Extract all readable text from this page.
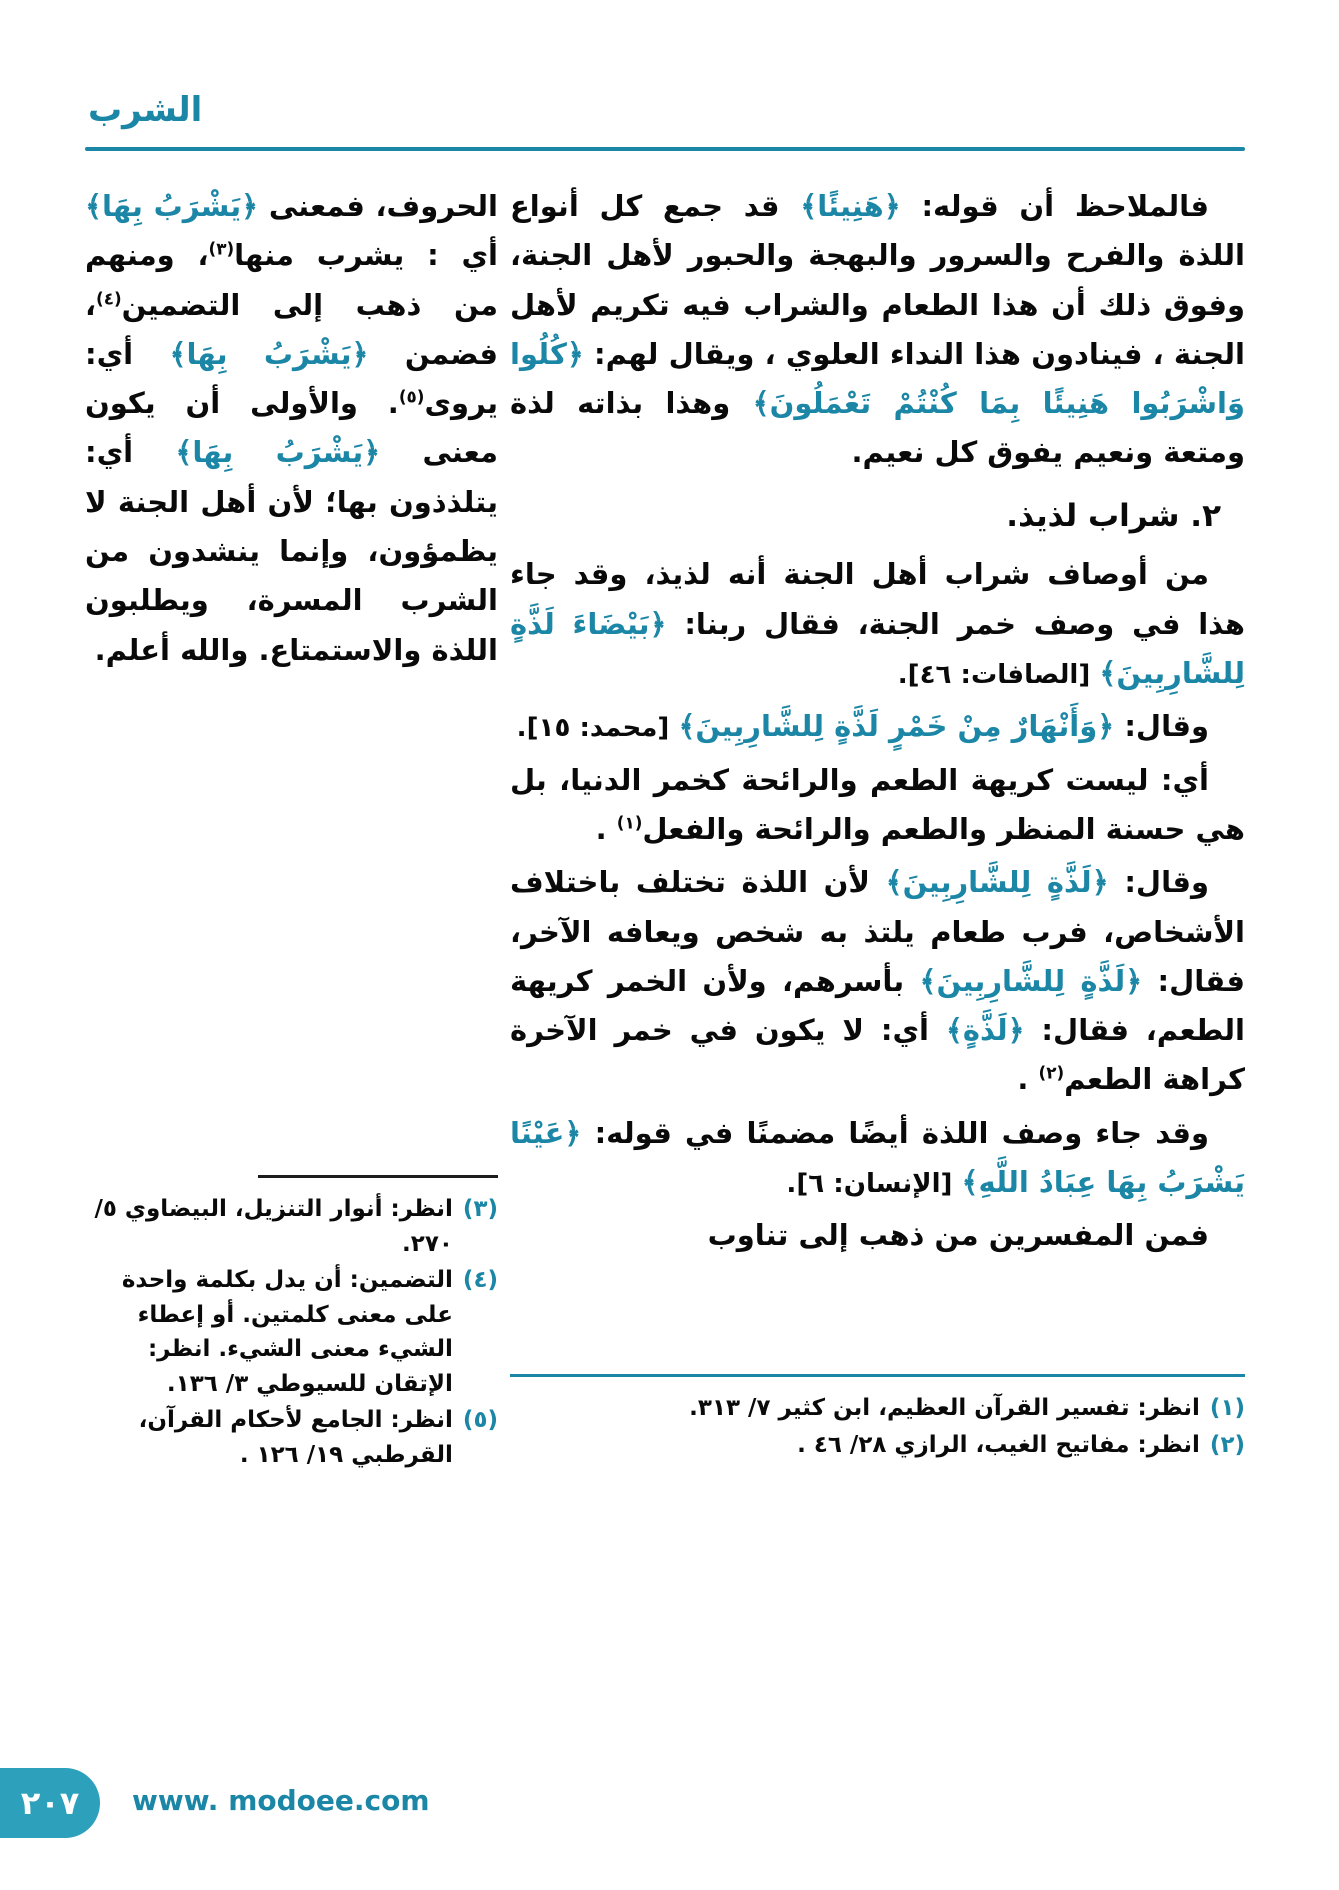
الشرب

فالملاحظ أن قوله: ﴿هَنِيئًا﴾ قد جمع كل أنواع اللذة والفرح والسرور والبهجة والحبور لأهل الجنة، وفوق ذلك أن هذا الطعام والشراب فيه تكريم لأهل الجنة ، فينادون هذا النداء العلوي ، ويقال لهم: ﴿كُلُوا وَاشْرَبُوا هَنِيئًا بِمَا كُنْتُمْ تَعْمَلُونَ﴾ وهذا بذاته لذة ومتعة ونعيم يفوق كل نعيم.

٢. شراب لذيذ.

من أوصاف شراب أهل الجنة أنه لذيذ، وقد جاء هذا في وصف خمر الجنة، فقال ربنا: ﴿بَيْضَاءَ لَذَّةٍ لِلشَّارِبِينَ﴾ [الصافات: ٤٦].

وقال: ﴿وَأَنْهَارٌ مِنْ خَمْرٍ لَذَّةٍ لِلشَّارِبِينَ﴾ [محمد: ١٥].

أي: ليست كريهة الطعم والرائحة كخمر الدنيا، بل هي حسنة المنظر والطعم والرائحة والفعل$^{(١)}$ .

وقال: ﴿لَذَّةٍ لِلشَّارِبِينَ﴾ لأن اللذة تختلف باختلاف الأشخاص، فرب طعام يلتذ به شخص ويعافه الآخر، فقال: ﴿لَذَّةٍ لِلشَّارِبِينَ﴾ بأسرهم، ولأن الخمر كريهة الطعم، فقال: ﴿لَذَّةٍ﴾ أي: لا يكون في خمر الآخرة كراهة الطعم$^{(٢)}$ .

وقد جاء وصف اللذة أيضًا مضمنًا في قوله: ﴿عَيْنًا يَشْرَبُ بِهَا عِبَادُ اللَّهِ﴾ [الإنسان: ٦].

فمن المفسرين من ذهب إلى تناوب

(١)
انظر: تفسير القرآن العظيم، ابن كثير ٧/ ٣١٣.
(٢)
انظر: مفاتيح الغيب، الرازي ٢٨/ ٤٦ .

الحروف، فمعنى ﴿يَشْرَبُ بِهَا﴾ أي : يشرب منها$^{(٣)}$، ومنهم من ذهب إلى التضمين$^{(٤)}$، فضمن ﴿يَشْرَبُ بِهَا﴾ أي: يروى$^{(٥)}$. والأولى أن يكون معنى ﴿يَشْرَبُ بِهَا﴾ أي: يتلذذون بها؛ لأن أهل الجنة لا يظمؤون، وإنما ينشدون من الشرب المسرة، ويطلبون اللذة والاستمتاع. والله أعلم.

(٣)
انظر: أنوار التنزيل، البيضاوي ٥/ ٢٧٠.
(٤)
التضمين: أن يدل بكلمة واحدة على معنى كلمتين. أو إعطاء الشيء معنى الشيء. انظر: الإتقان للسيوطي ٣/ ١٣٦.
(٥)
انظر: الجامع لأحكام القرآن، القرطبي ١٩/ ١٢٦ .
٢٠٧ www. modoee.com
